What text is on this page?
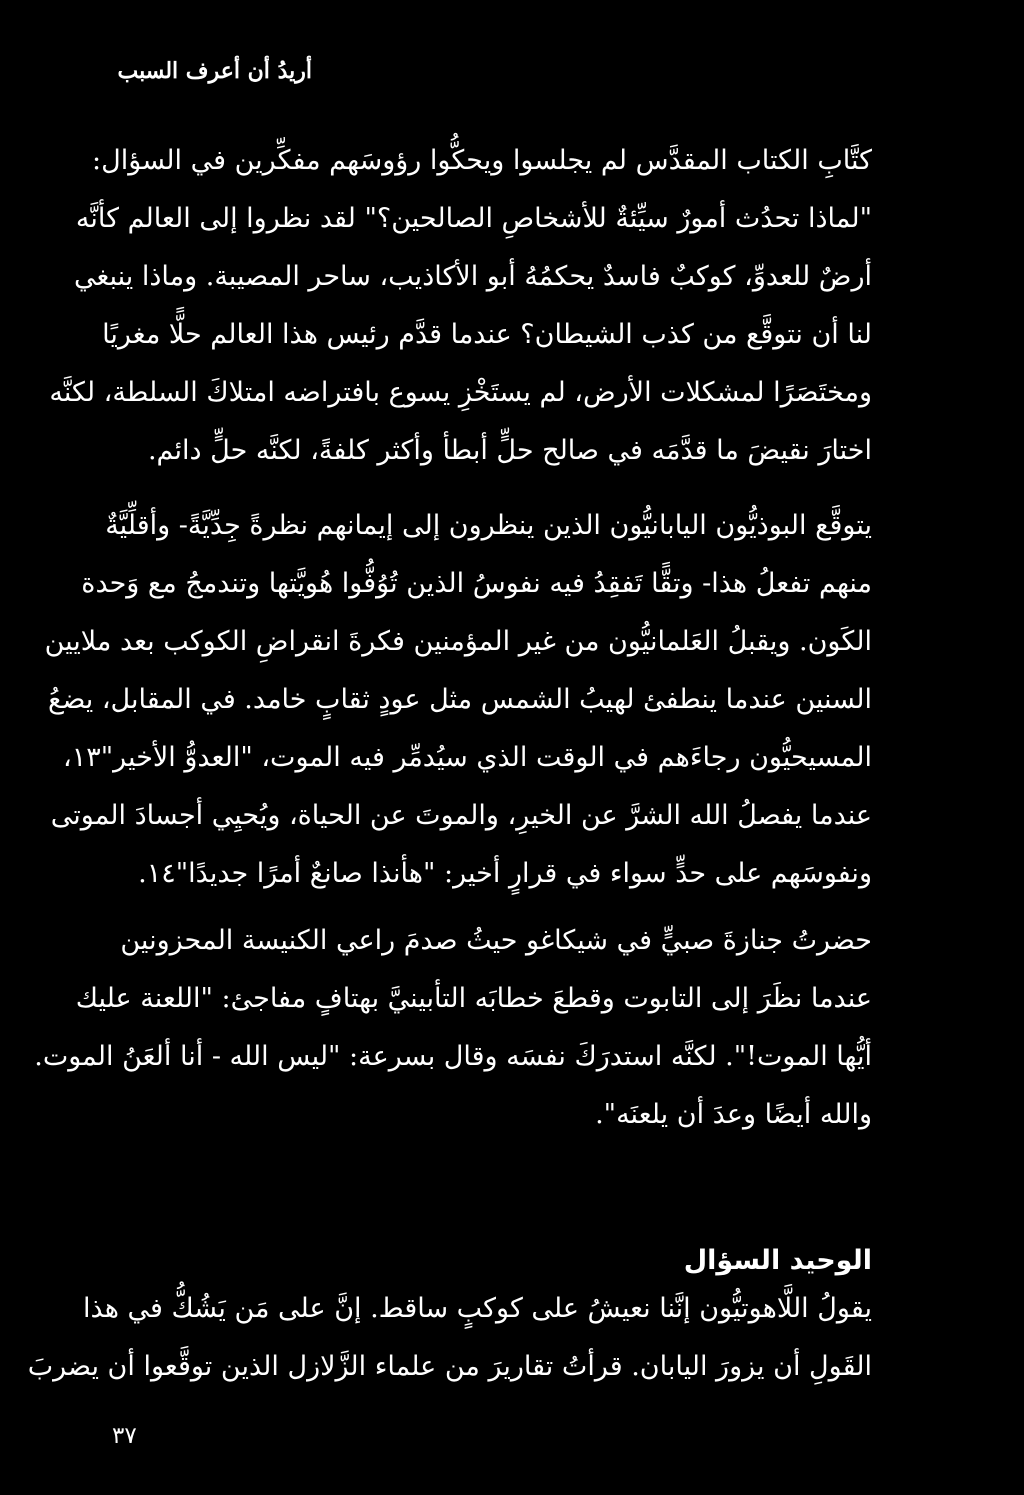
أريدُ أن أعرف السبب
كتَّابِ الكتاب المقدَّس لم يجلسوا ويحكُّوا رؤوسَهم مفكِّرين في السؤال:
"لماذا تحدُث أمورٌ سيِّئةٌ للأشخاصِ الصالحين؟" لقد نظروا إلى العالم كأنَّه
أرضٌ للعدوِّ، كوكبٌ فاسدٌ يحكمُهُ أبو الأكاذيب، ساحر المصيبة. وماذا ينبغي
لنا أن نتوقَّع من كذب الشيطان؟ عندما قدَّم رئيس هذا العالم حلًّا مغريًا
ومختَصَرًا لمشكلات الأرض، لم يستَخْزِ يسوع بافتراضه امتلاكَ السلطة، لكنَّه
اختارَ نقيضَ ما قدَّمَه في صالح حلٍّ أبطأ وأكثر كلفةً، لكنَّه حلٍّ دائم.
يتوقَّع البوذيُّون اليابانيُّون الذين ينظرون إلى إيمانهم نظرةً جِدِّيَّةً- وأقلِّيَّةٌ
منهم تفعلُ هذا- وتقًّا تَفقِدُ فيه نفوسُ الذين تُوُفُّوا هُويَّتها وتندمجُ مع وَحدة
الكَون. ويقبلُ العَلمانيُّون من غير المؤمنين فكرةَ انقراضِ الكوكب بعد ملايين
السنين عندما ينطفئ لهيبُ الشمس مثل عودٍ ثقابٍ خامد. في المقابل، يضعُ
المسيحيُّون رجاءَهم في الوقت الذي سيُدمِّر فيه الموت، "العدوُّ الأخير"١٣،
عندما يفصلُ الله الشرَّ عن الخيرِ، والموتَ عن الحياة، ويُحيِي أجسادَ الموتى
ونفوسَهم على حدٍّ سواء في قرارٍ أخير: "هأنذا صانعٌ أمرًا جديدًا"١٤.
حضرتُ جنازةَ صبيٍّ في شيكاغو حيثُ صدمَ راعي الكنيسة المحزونين
عندما نظَرَ إلى التابوت وقطعَ خطابَه التأبينيَّ بهتافٍ مفاجئ: "اللعنة عليك
أيُّها الموت!". لكنَّه استدرَكَ نفسَه وقال بسرعة: "ليس الله - أنا ألعَنُ الموت.
والله أيضًا وعدَ أن يلعنَه".
الوحيد السؤال
يقولُ اللَّاهوتيُّون إنَّنا نعيشُ على كوكبٍ ساقط. إنَّ على مَن يَشُكُّ في هذا
القَولِ أن يزورَ اليابان. قرأتُ تقاريرَ من علماء الزَّلازل الذين توقَّعوا أن يضربَ
٣٧
